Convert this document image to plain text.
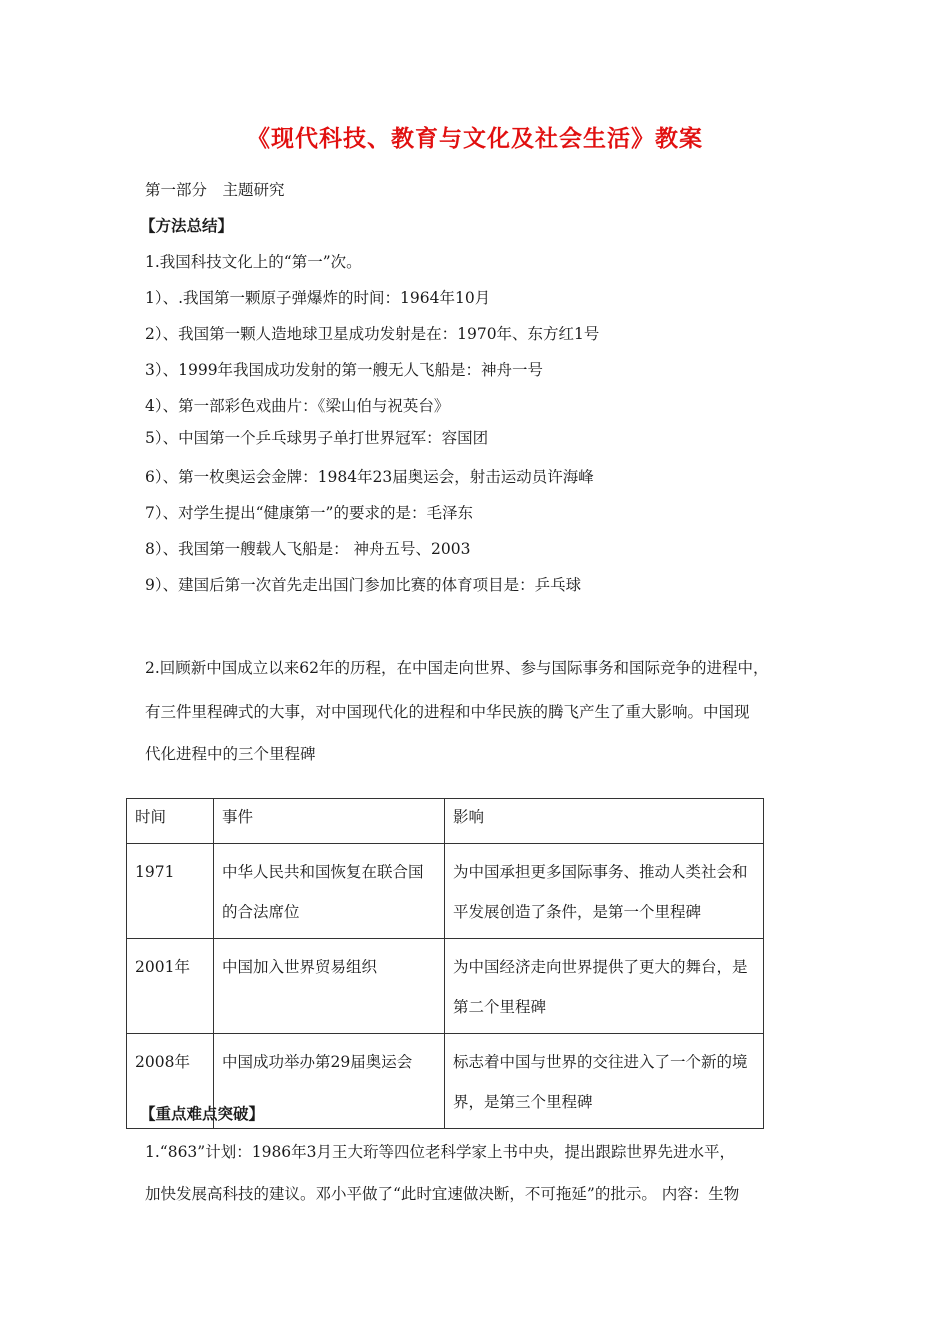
《现代科技、教育与文化及社会生活》教案
第一部分　主题研究
【方法总结】
1.我国科技文化上的“第一”次。
1）、.我国第一颗原子弹爆炸的时间：1964年10月
2）、我国第一颗人造地球卫星成功发射是在：1970年、东方红1号
3）、1999年我国成功发射的第一艘无人飞船是：神舟一号
4）、第一部彩色戏曲片：《梁山伯与祝英台》
5）、中国第一个乒乓球男子单打世界冠军：容国团
6）、第一枚奥运会金牌：1984年23届奥运会，射击运动员许海峰
7）、对学生提出“健康第一”的要求的是：毛泽东
8）、我国第一艘载人飞船是： 神舟五号、2003
9）、建国后第一次首先走出国门参加比赛的体育项目是：乒乓球
2.回顾新中国成立以来62年的历程，在中国走向世界、参与国际事务和国际竞争的进程中，
有三件里程碑式的大事，对中国现代化的进程和中华民族的腾飞产生了重大影响。中国现
代化进程中的三个里程碑
时间	事件	影响
1971	中华人民共和国恢复在联合国的合法席位	为中国承担更多国际事务、推动人类社会和平发展创造了条件，是第一个里程碑
2001年	中国加入世界贸易组织	为中国经济走向世界提供了更大的舞台，是第二个里程碑
2008年	中国成功举办第29届奥运会	标志着中国与世界的交往进入了一个新的境界，是第三个里程碑
【重点难点突破】
1.“863”计划：1986年3月王大珩等四位老科学家上书中央，提出跟踪世界先进水平，
加快发展高科技的建议。邓小平做了“此时宜速做决断，不可拖延”的批示。 内容：生物
